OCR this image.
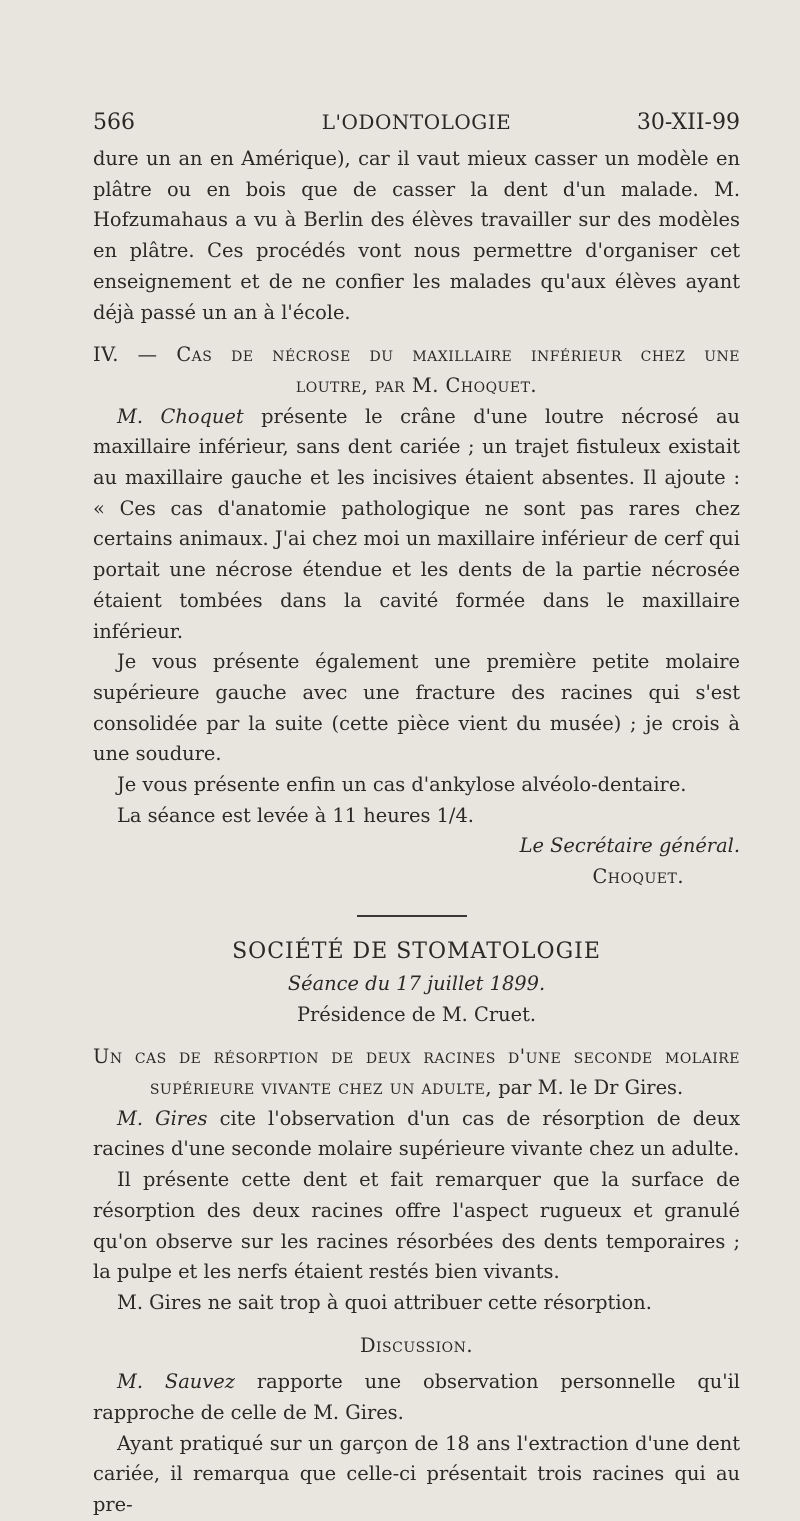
566	L'ODONTOLOGIE	30-XII-99

dure un an en Amérique), car il vaut mieux casser un modèle en plâtre ou en bois que de casser la dent d'un malade. M. Hofzumahaus a vu à Berlin des élèves travailler sur des modèles en plâtre. Ces procédés vont nous permettre d'organiser cet enseignement et de ne confier les malades qu'aux élèves ayant déjà passé un an à l'école.

IV. — Cas de nécrose du maxillaire inférieur chez une
loutre, par M. Choquet.

M. Choquet présente le crâne d'une loutre nécrosé au maxillaire inférieur, sans dent cariée ; un trajet fistuleux existait au maxillaire gauche et les incisives étaient absentes. Il ajoute : « Ces cas d'anatomie pathologique ne sont pas rares chez certains animaux. J'ai chez moi un maxillaire inférieur de cerf qui portait une nécrose étendue et les dents de la partie nécrosée étaient tombées dans la cavité formée dans le maxillaire inférieur.

Je vous présente également une première petite molaire supérieure gauche avec une fracture des racines qui s'est consolidée par la suite (cette pièce vient du musée) ; je crois à une soudure.

Je vous présente enfin un cas d'ankylose alvéolo-dentaire.

La séance est levée à 11 heures 1/4.

Le Secrétaire général.
Choquet.
SOCIÉTÉ DE STOMATOLOGIE
Séance du 17 juillet 1899.
Présidence de M. Cruet.
Un cas de résorption de deux racines d'une seconde molaire supérieure vivante chez un adulte, par M. le Dr Gires.

M. Gires cite l'observation d'un cas de résorption de deux racines d'une seconde molaire supérieure vivante chez un adulte.

Il présente cette dent et fait remarquer que la surface de résorption des deux racines offre l'aspect rugueux et granulé qu'on observe sur les racines résorbées des dents temporaires ; la pulpe et les nerfs étaient restés bien vivants.

M. Gires ne sait trop à quoi attribuer cette résorption.

Discussion.

M. Sauvez rapporte une observation personnelle qu'il rapproche de celle de M. Gires.

Ayant pratiqué sur un garçon de 18 ans l'extraction d'une dent cariée, il remarqua que celle-ci présentait trois racines qui au pre-
